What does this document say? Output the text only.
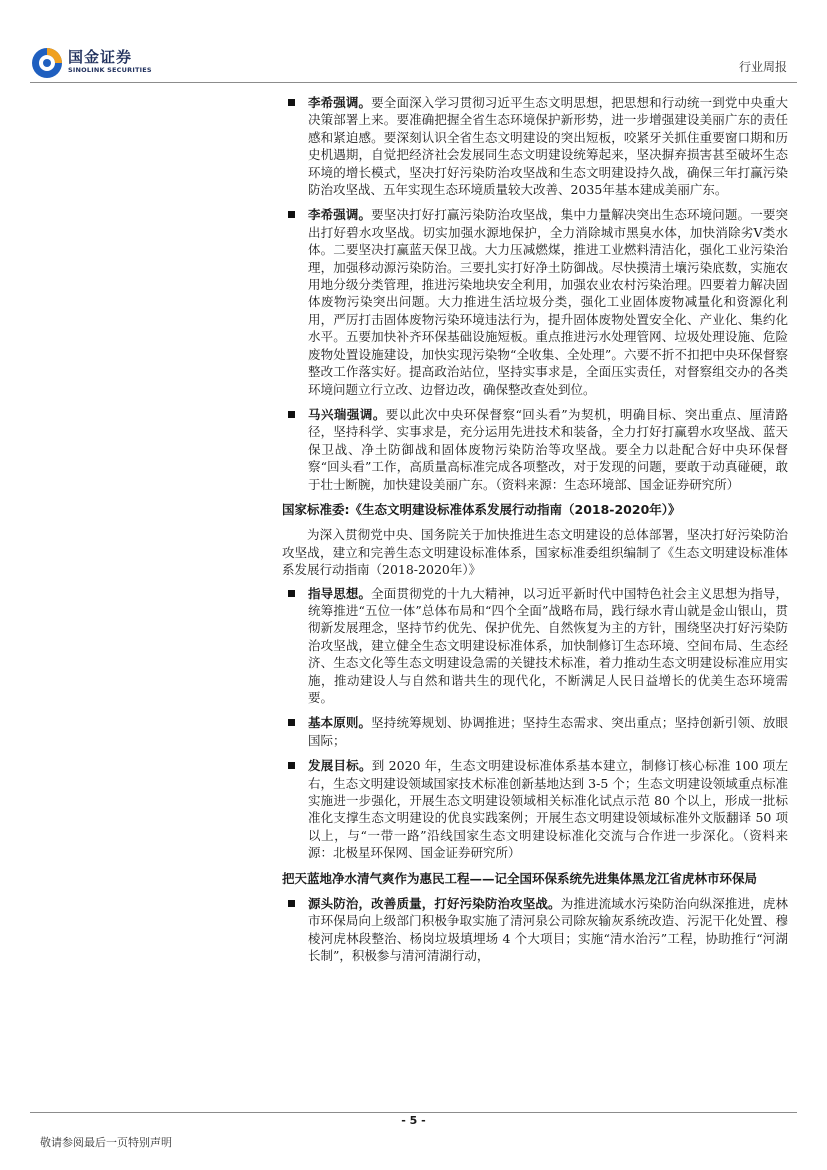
国金证券
SINOLINK SECURITIES	行业周报
李希强调。要全面深入学习贯彻习近平生态文明思想，把思想和行动统一到党中央重大决策部署上来。要准确把握全省生态环境保护新形势，进一步增强建设美丽广东的责任感和紧迫感。要深刻认识全省生态文明建设的突出短板，咬紧牙关抓住重要窗口期和历史机遇期，自觉把经济社会发展同生态文明建设统筹起来，坚决摒弃损害甚至破坏生态环境的增长模式，坚决打好污染防治攻坚战和生态文明建设持久战，确保三年打赢污染防治攻坚战、五年实现生态环境质量较大改善、2035年基本建成美丽广东。
李希强调。要坚决打好打赢污染防治攻坚战，集中力量解决突出生态环境问题。一要突出打好碧水攻坚战。切实加强水源地保护，全力消除城市黑臭水体，加快消除劣V类水体。二要坚决打赢蓝天保卫战。大力压减燃煤，推进工业燃料清洁化，强化工业污染治理，加强移动源污染防治。三要扎实打好净土防御战。尽快摸清土壤污染底数，实施农用地分级分类管理，推进污染地块安全利用，加强农业农村污染治理。四要着力解决固体废物污染突出问题。大力推进生活垃圾分类，强化工业固体废物减量化和资源化利用，严厉打击固体废物污染环境违法行为，提升固体废物处置安全化、产业化、集约化水平。五要加快补齐环保基础设施短板。重点推进污水处理管网、垃圾处理设施、危险废物处置设施建设，加快实现污染物“全收集、全处理”。六要不折不扣把中央环保督察整改工作落实好。提高政治站位，坚持实事求是，全面压实责任，对督察组交办的各类环境问题立行立改、边督边改，确保整改查处到位。
马兴瑞强调。要以此次中央环保督察“回头看”为契机，明确目标、突出重点、厘清路径，坚持科学、实事求是，充分运用先进技术和装备，全力打好打赢碧水攻坚战、蓝天保卫战、净土防御战和固体废物污染防治等攻坚战。要全力以赴配合好中央环保督察“回头看”工作，高质量高标准完成各项整改，对于发现的问题，要敢于动真碰硬，敢于壮士断腕，加快建设美丽广东。（资料来源：生态环境部、国金证券研究所）
国家标准委:《生态文明建设标准体系发展行动指南（2018-2020年）》
为深入贯彻党中央、国务院关于加快推进生态文明建设的总体部署，坚决打好污染防治攻坚战，建立和完善生态文明建设标准体系，国家标准委组织编制了《生态文明建设标准体系发展行动指南（2018-2020年）》
指导思想。全面贯彻党的十九大精神，以习近平新时代中国特色社会主义思想为指导，统筹推进“五位一体”总体布局和“四个全面”战略布局，践行绿水青山就是金山银山，贯彻新发展理念，坚持节约优先、保护优先、自然恢复为主的方针，围绕坚决打好污染防治攻坚战，建立健全生态文明建设标准体系，加快制修订生态环境、空间布局、生态经济、生态文化等生态文明建设急需的关键技术标准，着力推动生态文明建设标准应用实施，推动建设人与自然和谐共生的现代化，不断满足人民日益增长的优美生态环境需要。
基本原则。坚持统筹规划、协调推进；坚持生态需求、突出重点；坚持创新引领、放眼国际；
发展目标。到 2020 年，生态文明建设标准体系基本建立，制修订核心标准 100 项左右，生态文明建设领域国家技术标准创新基地达到 3-5 个；生态文明建设领域重点标准实施进一步强化，开展生态文明建设领域相关标准化试点示范 80 个以上，形成一批标准化支撑生态文明建设的优良实践案例；开展生态文明建设领域标准外文版翻译 50 项以上，与“一带一路”沿线国家生态文明建设标准化交流与合作进一步深化。（资料来源：北极星环保网、国金证券研究所）
把天蓝地净水清气爽作为惠民工程——记全国环保系统先进集体黑龙江省虎林市环保局
源头防治，改善质量，打好污染防治攻坚战。为推进流域水污染防治向纵深推进，虎林市环保局向上级部门积极争取实施了清河泉公司除灰输灰系统改造、污泥干化处置、穆棱河虎林段整治、杨岗垃圾填埋场 4 个大项目；实施“清水治污”工程，协助推行“河湖长制”，积极参与清河清湖行动，
- 5 -
敬请参阅最后一页特别声明
